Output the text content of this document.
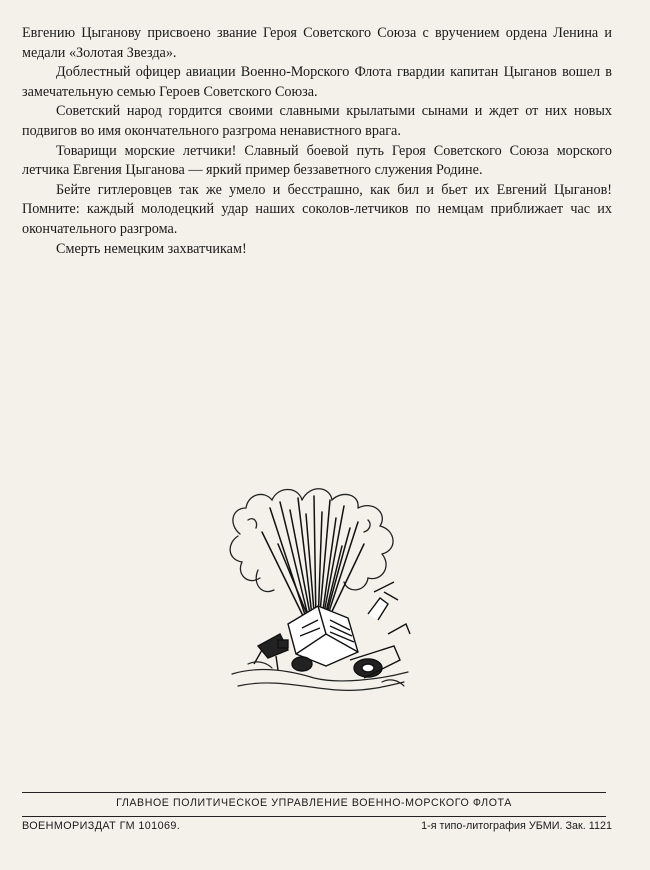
Евгению Цыганову присвоено звание Героя Советского Союза с вручением ордена Ленина и медали «Золотая Звезда».

Доблестный офицер авиации Военно-Морского Флота гвардии капитан Цыганов вошел в замечательную семью Героев Советского Союза.

Советский народ гордится своими славными крылатыми сынами и ждет от них новых подвигов во имя окончательного разгрома ненавистного врага.

Товарищи морские летчики! Славный боевой путь Героя Советского Союза морского летчика Евгения Цыганова — яркий пример беззаветного служения Родине.

Бейте гитлеровцев так же умело и бесстрашно, как бил и бьет их Евгений Цыганов! Помните: каждый молодецкий удар наших соколов-летчиков по немцам приближает час их окончательного разгрома.

Смерть немецким захватчикам!

ГЛАВНОЕ ПОЛИТИЧЕСКОЕ УПРАВЛЕНИЕ ВОЕННО-МОРСКОГО ФЛОТА
ВОЕНМОРИЗДАТ ГМ 101069.	1-я типо-литография УБМИ. Зак. 1121
